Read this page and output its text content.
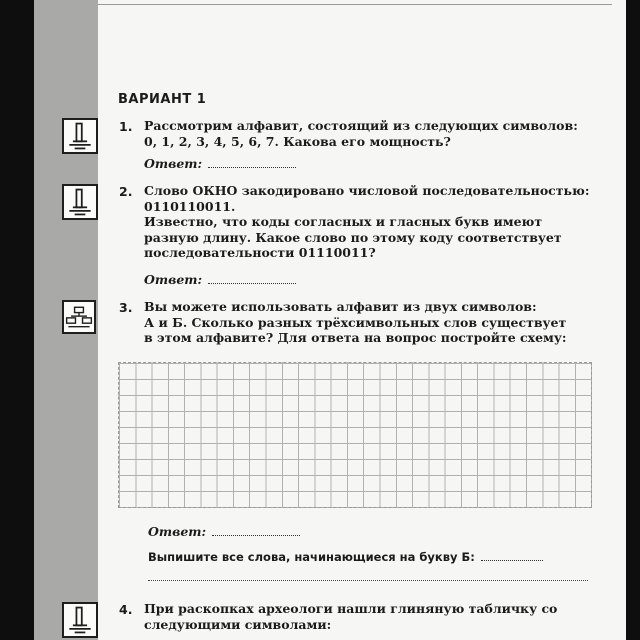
ВАРИАНТ 1
1. Рассмотрим алфавит, состоящий из следующих символов:
0, 1, 2, 3, 4, 5, 6, 7. Какова его мощность?
Ответ:
2. Слово ОКНО закодировано числовой последовательностью:
0110110011.
Известно, что коды согласных и гласных букв имеют
разную длину. Какое слово по этому коду соответствует
последовательности 01110011?
Ответ:
3. Вы можете использовать алфавит из двух символов:
А и Б. Сколько разных трёхсимвольных слов существует
в этом алфавите? Для ответа на вопрос постройте схему:
Ответ:
Выпишите все слова, начинающиеся на букву Б:
4. При раскопках археологи нашли глиняную табличку со
следующими символами:
